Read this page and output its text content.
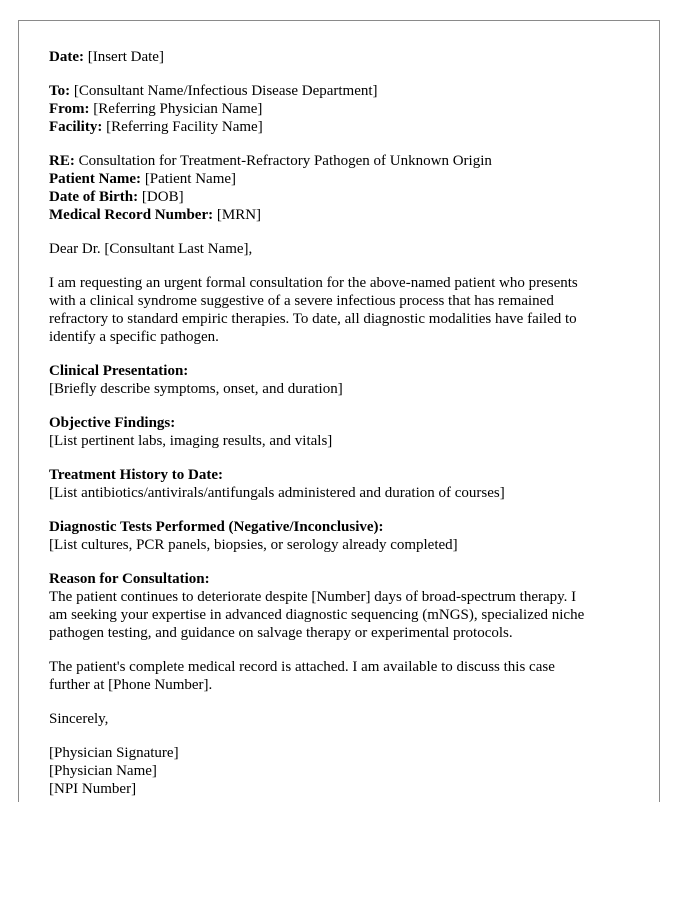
Date: [Insert Date]
To: [Consultant Name/Infectious Disease Department]
From: [Referring Physician Name]
Facility: [Referring Facility Name]
RE: Consultation for Treatment-Refractory Pathogen of Unknown Origin
Patient Name: [Patient Name]
Date of Birth: [DOB]
Medical Record Number: [MRN]
Dear Dr. [Consultant Last Name],
I am requesting an urgent formal consultation for the above-named patient who presents
with a clinical syndrome suggestive of a severe infectious process that has remained
refractory to standard empiric therapies. To date, all diagnostic modalities have failed to
identify a specific pathogen.
Clinical Presentation:
[Briefly describe symptoms, onset, and duration]
Objective Findings:
[List pertinent labs, imaging results, and vitals]
Treatment History to Date:
[List antibiotics/antivirals/antifungals administered and duration of courses]
Diagnostic Tests Performed (Negative/Inconclusive):
[List cultures, PCR panels, biopsies, or serology already completed]
Reason for Consultation:
The patient continues to deteriorate despite [Number] days of broad-spectrum therapy. I
am seeking your expertise in advanced diagnostic sequencing (mNGS), specialized niche
pathogen testing, and guidance on salvage therapy or experimental protocols.
The patient's complete medical record is attached. I am available to discuss this case
further at [Phone Number].
Sincerely,
[Physician Signature]
[Physician Name]
[NPI Number]
